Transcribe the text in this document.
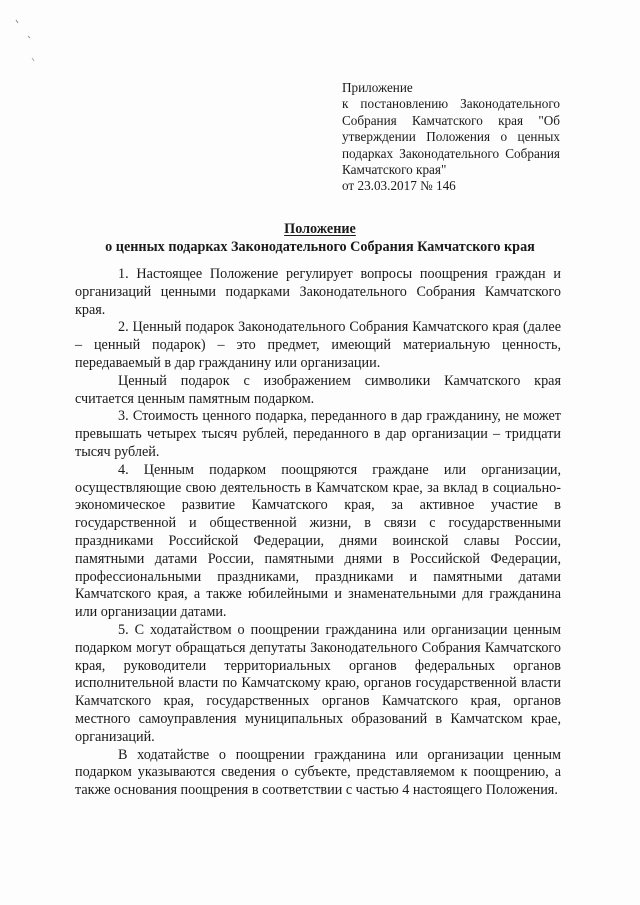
Приложение
к постановлению Законодательного Собрания Камчатского края "Об утверждении Положения о ценных подарках Законодательного Собрания Камчатского края"
от 23.03.2017 № 146
Положение
о ценных подарках Законодательного Собрания Камчатского края

1. Настоящее Положение регулирует вопросы поощрения граждан и организаций ценными подарками Законодательного Собрания Камчатского края.

2. Ценный подарок Законодательного Собрания Камчатского края (далее – ценный подарок) – это предмет, имеющий материальную ценность, передаваемый в дар гражданину или организации.

Ценный подарок с изображением символики Камчатского края считается ценным памятным подарком.

3. Стоимость ценного подарка, переданного в дар гражданину, не может превышать четырех тысяч рублей, переданного в дар организации – тридцати тысяч рублей.

4. Ценным подарком поощряются граждане или организации, осуществляющие свою деятельность в Камчатском крае, за вклад в социально-экономическое развитие Камчатского края, за активное участие в государственной и общественной жизни, в связи с государственными праздниками Российской Федерации, днями воинской славы России, памятными датами России, памятными днями в Российской Федерации, профессиональными праздниками, праздниками и памятными датами Камчатского края, а также юбилейными и знаменательными для гражданина или организации датами.

5. С ходатайством о поощрении гражданина или организации ценным подарком могут обращаться депутаты Законодательного Собрания Камчатского края, руководители территориальных органов федеральных органов исполнительной власти по Камчатскому краю, органов государственной власти Камчатского края, государственных органов Камчатского края, органов местного самоуправления муниципальных образований в Камчатском крае, организаций.

В ходатайстве о поощрении гражданина или организации ценным подарком указываются сведения о субъекте, представляемом к поощрению, а также основания поощрения в соответствии с частью 4 настоящего Положения.
